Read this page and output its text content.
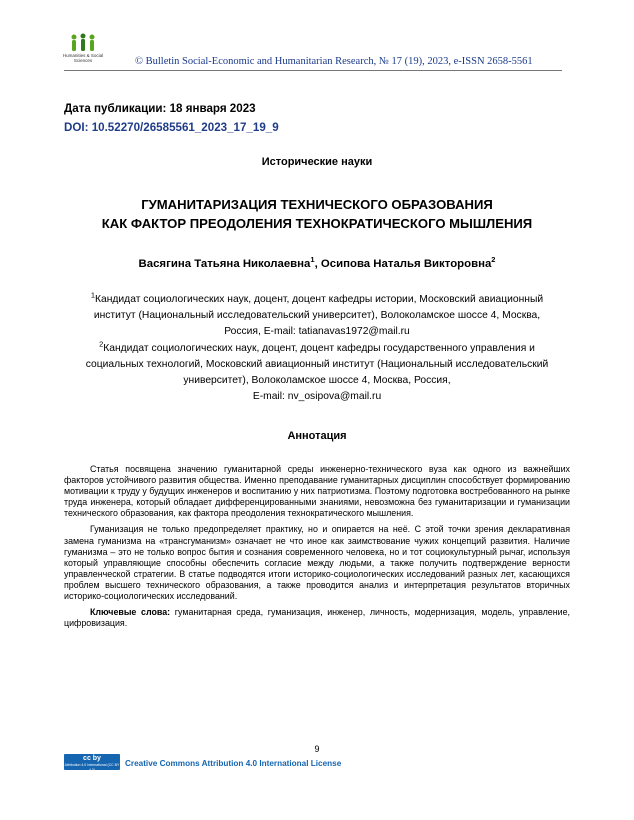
Humanities & Social
Sciences	© Bulletin Social-Economic and Humanitarian Research, № 17 (19), 2023, e-ISSN 2658-5561
Дата публикации: 18 января 2023
DOI: 10.52270/26585561_2023_17_19_9
Исторические науки
ГУМАНИТАРИЗАЦИЯ ТЕХНИЧЕСКОГО ОБРАЗОВАНИЯ
КАК ФАКТОР ПРЕОДОЛЕНИЯ ТЕХНОКРАТИЧЕСКОГО МЫШЛЕНИЯ
Васягина Татьяна Николаевна$^1$, Осипова Наталья Викторовна$^2$
$^1$Кандидат социологических наук, доцент, доцент кафедры истории, Московский авиационный
институт (Национальный исследовательский университет), Волоколамское шоссе 4, Москва,
Россия, E-mail: tatianavas1972@mail.ru
$^2$Кандидат социологических наук, доцент, доцент кафедры государственного управления и
социальных технологий, Московский авиационный институт (Национальный исследовательский
университет), Волоколамское шоссе 4, Москва, Россия,
E-mail: nv_osipova@mail.ru
Аннотация

Статья посвящена значению гуманитарной среды инженерно-технического вуза как одного из важнейших факторов устойчивого развития общества. Именно преподавание гуманитарных дисциплин способствует формированию мотивации к труду у будущих инженеров и воспитанию у них патриотизма. Поэтому подготовка востребованного на рынке труда инженера, который обладает дифференцированными знаниями, невозможна без гуманитаризации и гуманизации технического образования, как фактора преодоления технократического мышления.

Гуманизация не только предопределяет практику, но и опирается на неё. С этой точки зрения декларативная замена гуманизма на «трансгуманизм» означает не что иное как заимствование чужих концепций развития. Наличие гуманизма – это не только вопрос бытия и сознания современного человека, но и тот социокультурный рычаг, используя который управляющие способны обеспечить согласие между людьми, а также получить подтверждение верности управленческой стратегии. В статье подводятся итоги историко-социологических исследований разных лет, касающихся проблем высшего технического образования, а также проводится анализ и интерпретация результатов вторичных историко-социологических исследований.

Ключевые слова: гуманитарная среда, гуманизация, инженер, личность, модернизация, модель, управление, цифровизация.

9
cc by
Attribution 4.0 International (CC BY 4.0)
Creative Commons Attribution 4.0 International License
